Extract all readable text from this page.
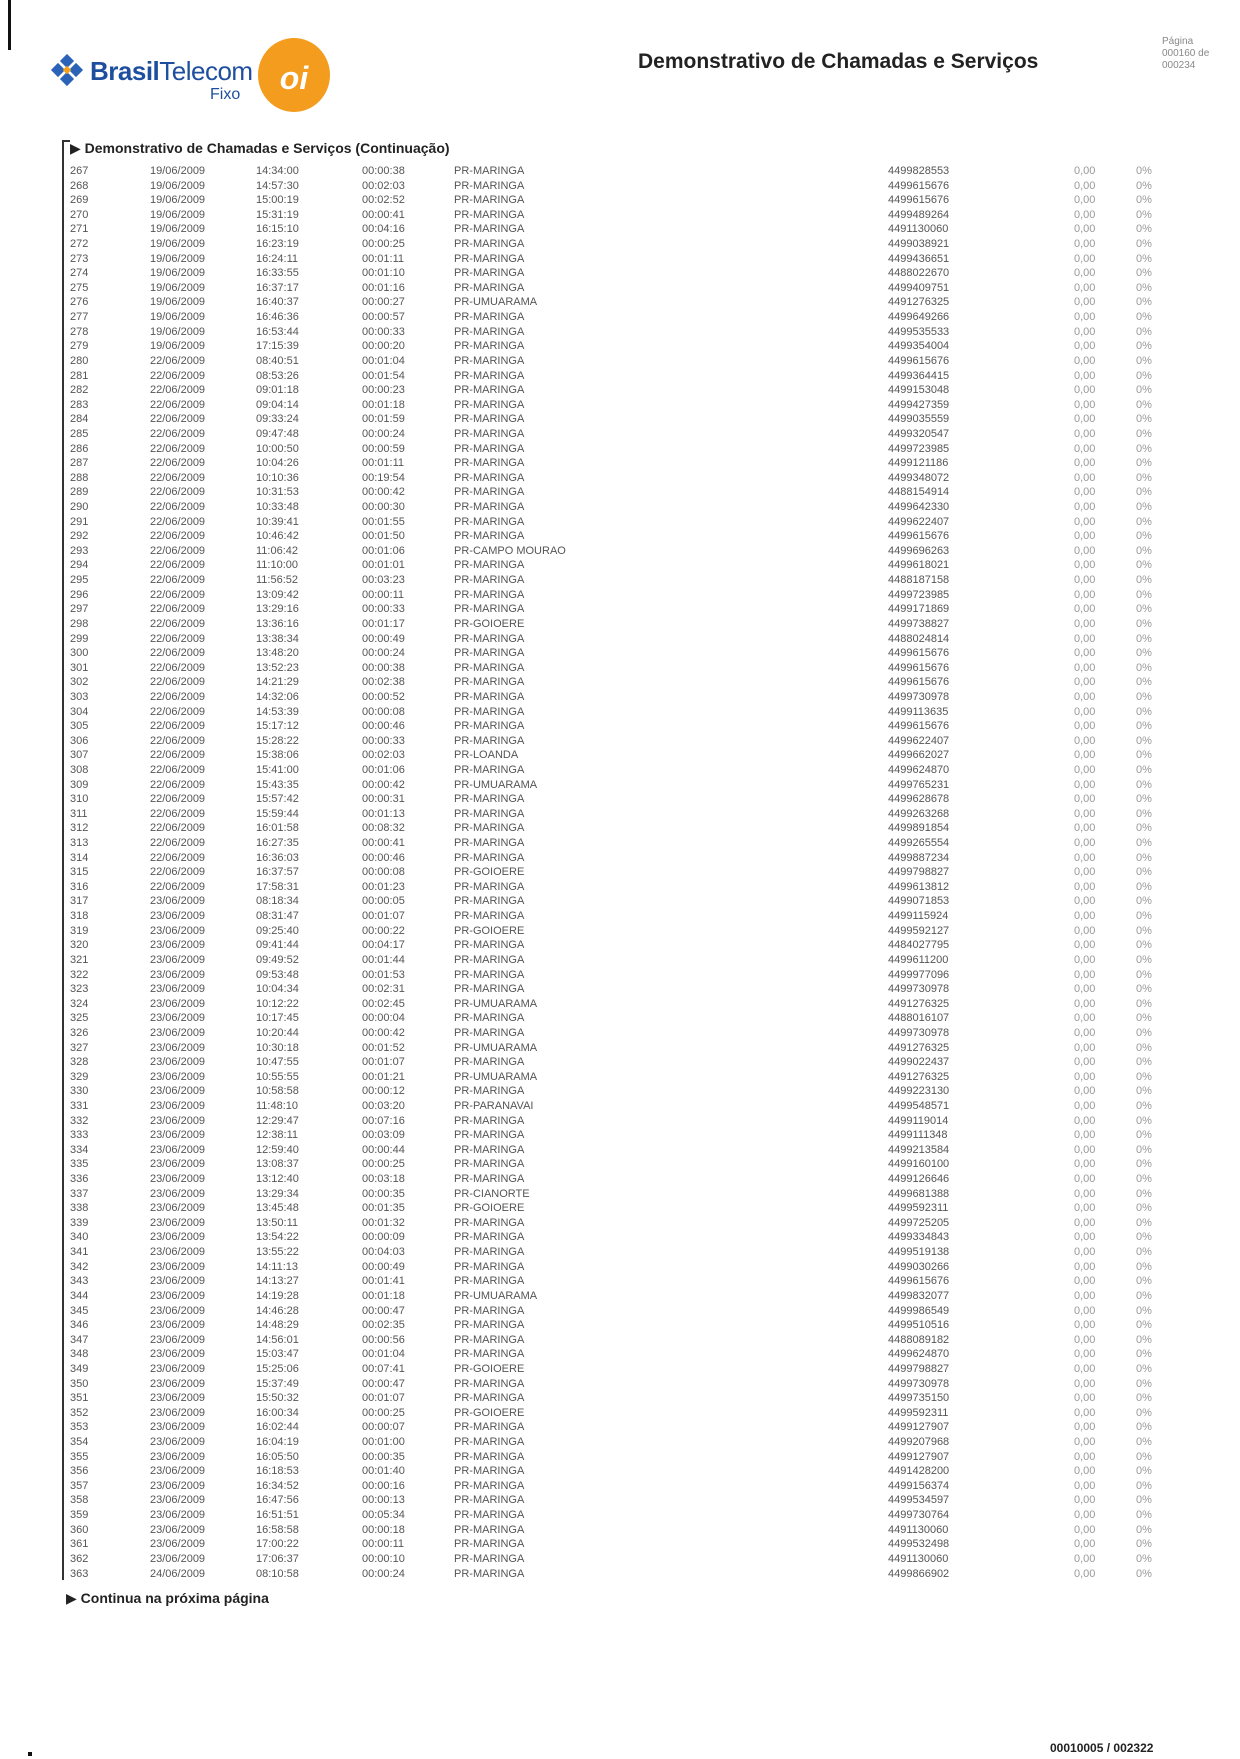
BrasilTelecom
Fixo	oi	Demonstrativo de Chamadas e Serviços
Página
000160 de
000234
▶ Demonstrativo de Chamadas e Serviços (Continuação)
267	19/06/2009	14:34:00	00:00:38	PR-MARINGA	4499828553	0,00	0%
268	19/06/2009	14:57:30	00:02:03	PR-MARINGA	4499615676	0,00	0%
269	19/06/2009	15:00:19	00:02:52	PR-MARINGA	4499615676	0,00	0%
270	19/06/2009	15:31:19	00:00:41	PR-MARINGA	4499489264	0,00	0%
271	19/06/2009	16:15:10	00:04:16	PR-MARINGA	4491130060	0,00	0%
272	19/06/2009	16:23:19	00:00:25	PR-MARINGA	4499038921	0,00	0%
273	19/06/2009	16:24:11	00:01:11	PR-MARINGA	4499436651	0,00	0%
274	19/06/2009	16:33:55	00:01:10	PR-MARINGA	4488022670	0,00	0%
275	19/06/2009	16:37:17	00:01:16	PR-MARINGA	4499409751	0,00	0%
276	19/06/2009	16:40:37	00:00:27	PR-UMUARAMA	4491276325	0,00	0%
277	19/06/2009	16:46:36	00:00:57	PR-MARINGA	4499649266	0,00	0%
278	19/06/2009	16:53:44	00:00:33	PR-MARINGA	4499535533	0,00	0%
279	19/06/2009	17:15:39	00:00:20	PR-MARINGA	4499354004	0,00	0%
280	22/06/2009	08:40:51	00:01:04	PR-MARINGA	4499615676	0,00	0%
281	22/06/2009	08:53:26	00:01:54	PR-MARINGA	4499364415	0,00	0%
282	22/06/2009	09:01:18	00:00:23	PR-MARINGA	4499153048	0,00	0%
283	22/06/2009	09:04:14	00:01:18	PR-MARINGA	4499427359	0,00	0%
284	22/06/2009	09:33:24	00:01:59	PR-MARINGA	4499035559	0,00	0%
285	22/06/2009	09:47:48	00:00:24	PR-MARINGA	4499320547	0,00	0%
286	22/06/2009	10:00:50	00:00:59	PR-MARINGA	4499723985	0,00	0%
287	22/06/2009	10:04:26	00:01:11	PR-MARINGA	4499121186	0,00	0%
288	22/06/2009	10:10:36	00:19:54	PR-MARINGA	4499348072	0,00	0%
289	22/06/2009	10:31:53	00:00:42	PR-MARINGA	4488154914	0,00	0%
290	22/06/2009	10:33:48	00:00:30	PR-MARINGA	4499642330	0,00	0%
291	22/06/2009	10:39:41	00:01:55	PR-MARINGA	4499622407	0,00	0%
292	22/06/2009	10:46:42	00:01:50	PR-MARINGA	4499615676	0,00	0%
293	22/06/2009	11:06:42	00:01:06	PR-CAMPO MOURAO	4499696263	0,00	0%
294	22/06/2009	11:10:00	00:01:01	PR-MARINGA	4499618021	0,00	0%
295	22/06/2009	11:56:52	00:03:23	PR-MARINGA	4488187158	0,00	0%
296	22/06/2009	13:09:42	00:00:11	PR-MARINGA	4499723985	0,00	0%
297	22/06/2009	13:29:16	00:00:33	PR-MARINGA	4499171869	0,00	0%
298	22/06/2009	13:36:16	00:01:17	PR-GOIOERE	4499738827	0,00	0%
299	22/06/2009	13:38:34	00:00:49	PR-MARINGA	4488024814	0,00	0%
300	22/06/2009	13:48:20	00:00:24	PR-MARINGA	4499615676	0,00	0%
301	22/06/2009	13:52:23	00:00:38	PR-MARINGA	4499615676	0,00	0%
302	22/06/2009	14:21:29	00:02:38	PR-MARINGA	4499615676	0,00	0%
303	22/06/2009	14:32:06	00:00:52	PR-MARINGA	4499730978	0,00	0%
304	22/06/2009	14:53:39	00:00:08	PR-MARINGA	4499113635	0,00	0%
305	22/06/2009	15:17:12	00:00:46	PR-MARINGA	4499615676	0,00	0%
306	22/06/2009	15:28:22	00:00:33	PR-MARINGA	4499622407	0,00	0%
307	22/06/2009	15:38:06	00:02:03	PR-LOANDA	4499662027	0,00	0%
308	22/06/2009	15:41:00	00:01:06	PR-MARINGA	4499624870	0,00	0%
309	22/06/2009	15:43:35	00:00:42	PR-UMUARAMA	4499765231	0,00	0%
310	22/06/2009	15:57:42	00:00:31	PR-MARINGA	4499628678	0,00	0%
311	22/06/2009	15:59:44	00:01:13	PR-MARINGA	4499263268	0,00	0%
312	22/06/2009	16:01:58	00:08:32	PR-MARINGA	4499891854	0,00	0%
313	22/06/2009	16:27:35	00:00:41	PR-MARINGA	4499265554	0,00	0%
314	22/06/2009	16:36:03	00:00:46	PR-MARINGA	4499887234	0,00	0%
315	22/06/2009	16:37:57	00:00:08	PR-GOIOERE	4499798827	0,00	0%
316	22/06/2009	17:58:31	00:01:23	PR-MARINGA	4499613812	0,00	0%
317	23/06/2009	08:18:34	00:00:05	PR-MARINGA	4499071853	0,00	0%
318	23/06/2009	08:31:47	00:01:07	PR-MARINGA	4499115924	0,00	0%
319	23/06/2009	09:25:40	00:00:22	PR-GOIOERE	4499592127	0,00	0%
320	23/06/2009	09:41:44	00:04:17	PR-MARINGA	4484027795	0,00	0%
321	23/06/2009	09:49:52	00:01:44	PR-MARINGA	4499611200	0,00	0%
322	23/06/2009	09:53:48	00:01:53	PR-MARINGA	4499977096	0,00	0%
323	23/06/2009	10:04:34	00:02:31	PR-MARINGA	4499730978	0,00	0%
324	23/06/2009	10:12:22	00:02:45	PR-UMUARAMA	4491276325	0,00	0%
325	23/06/2009	10:17:45	00:00:04	PR-MARINGA	4488016107	0,00	0%
326	23/06/2009	10:20:44	00:00:42	PR-MARINGA	4499730978	0,00	0%
327	23/06/2009	10:30:18	00:01:52	PR-UMUARAMA	4491276325	0,00	0%
328	23/06/2009	10:47:55	00:01:07	PR-MARINGA	4499022437	0,00	0%
329	23/06/2009	10:55:55	00:01:21	PR-UMUARAMA	4491276325	0,00	0%
330	23/06/2009	10:58:58	00:00:12	PR-MARINGA	4499223130	0,00	0%
331	23/06/2009	11:48:10	00:03:20	PR-PARANAVAI	4499548571	0,00	0%
332	23/06/2009	12:29:47	00:07:16	PR-MARINGA	4499119014	0,00	0%
333	23/06/2009	12:38:11	00:03:09	PR-MARINGA	4499111348	0,00	0%
334	23/06/2009	12:59:40	00:00:44	PR-MARINGA	4499213584	0,00	0%
335	23/06/2009	13:08:37	00:00:25	PR-MARINGA	4499160100	0,00	0%
336	23/06/2009	13:12:40	00:03:18	PR-MARINGA	4499126646	0,00	0%
337	23/06/2009	13:29:34	00:00:35	PR-CIANORTE	4499681388	0,00	0%
338	23/06/2009	13:45:48	00:01:35	PR-GOIOERE	4499592311	0,00	0%
339	23/06/2009	13:50:11	00:01:32	PR-MARINGA	4499725205	0,00	0%
340	23/06/2009	13:54:22	00:00:09	PR-MARINGA	4499334843	0,00	0%
341	23/06/2009	13:55:22	00:04:03	PR-MARINGA	4499519138	0,00	0%
342	23/06/2009	14:11:13	00:00:49	PR-MARINGA	4499030266	0,00	0%
343	23/06/2009	14:13:27	00:01:41	PR-MARINGA	4499615676	0,00	0%
344	23/06/2009	14:19:28	00:01:18	PR-UMUARAMA	4499832077	0,00	0%
345	23/06/2009	14:46:28	00:00:47	PR-MARINGA	4499986549	0,00	0%
346	23/06/2009	14:48:29	00:02:35	PR-MARINGA	4499510516	0,00	0%
347	23/06/2009	14:56:01	00:00:56	PR-MARINGA	4488089182	0,00	0%
348	23/06/2009	15:03:47	00:01:04	PR-MARINGA	4499624870	0,00	0%
349	23/06/2009	15:25:06	00:07:41	PR-GOIOERE	4499798827	0,00	0%
350	23/06/2009	15:37:49	00:00:47	PR-MARINGA	4499730978	0,00	0%
351	23/06/2009	15:50:32	00:01:07	PR-MARINGA	4499735150	0,00	0%
352	23/06/2009	16:00:34	00:00:25	PR-GOIOERE	4499592311	0,00	0%
353	23/06/2009	16:02:44	00:00:07	PR-MARINGA	4499127907	0,00	0%
354	23/06/2009	16:04:19	00:01:00	PR-MARINGA	4499207968	0,00	0%
355	23/06/2009	16:05:50	00:00:35	PR-MARINGA	4499127907	0,00	0%
356	23/06/2009	16:18:53	00:01:40	PR-MARINGA	4491428200	0,00	0%
357	23/06/2009	16:34:52	00:00:16	PR-MARINGA	4499156374	0,00	0%
358	23/06/2009	16:47:56	00:00:13	PR-MARINGA	4499534597	0,00	0%
359	23/06/2009	16:51:51	00:05:34	PR-MARINGA	4499730764	0,00	0%
360	23/06/2009	16:58:58	00:00:18	PR-MARINGA	4491130060	0,00	0%
361	23/06/2009	17:00:22	00:00:11	PR-MARINGA	4499532498	0,00	0%
362	23/06/2009	17:06:37	00:00:10	PR-MARINGA	4491130060	0,00	0%
363	24/06/2009	08:10:58	00:00:24	PR-MARINGA	4499866902	0,00	0%
▶ Continua na próxima página
00010005 / 002322
